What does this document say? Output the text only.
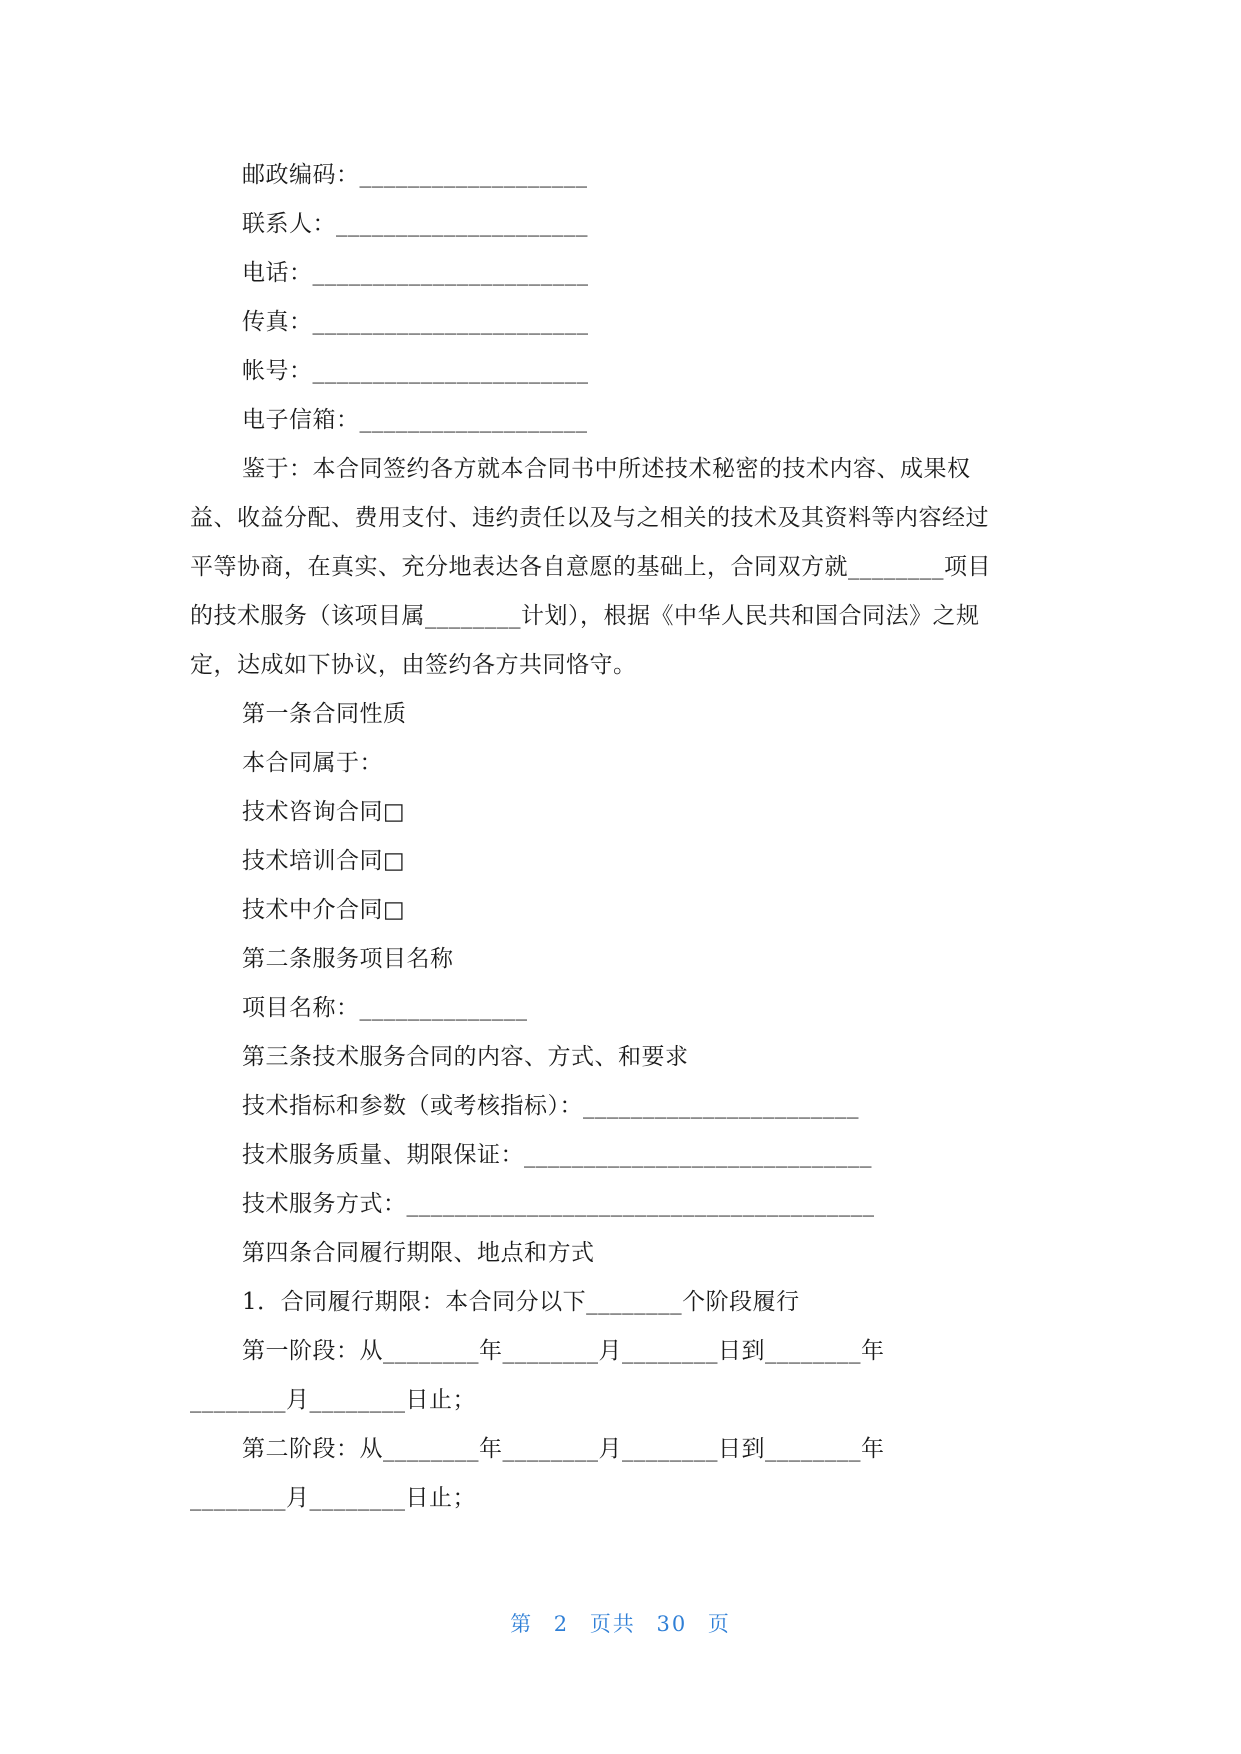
邮政编码：___________________
联系人：_____________________
电话：_______________________
传真：_______________________
帐号：_______________________
电子信箱：___________________
鉴于：本合同签约各方就本合同书中所述技术秘密的技术内容、成果权
益、收益分配、费用支付、违约责任以及与之相关的技术及其资料等内容经过
平等协商，在真实、充分地表达各自意愿的基础上，合同双方就________项目
的技术服务（该项目属________计划），根据《中华人民共和国合同法》之规
定，达成如下协议，由签约各方共同恪守。
第一条合同性质
本合同属于：
技术咨询合同□
技术培训合同□
技术中介合同□
第二条服务项目名称
项目名称：______________
第三条技术服务合同的内容、方式、和要求
技术指标和参数（或考核指标）：_______________________
技术服务质量、期限保证：_____________________________
技术服务方式：_______________________________________
第四条合同履行期限、地点和方式
1．合同履行期限：本合同分以下________个阶段履行
第一阶段：从________年________月________日到________年
________月________日止；
第二阶段：从________年________月________日到________年
________月________日止；
第 2 页共 30 页
